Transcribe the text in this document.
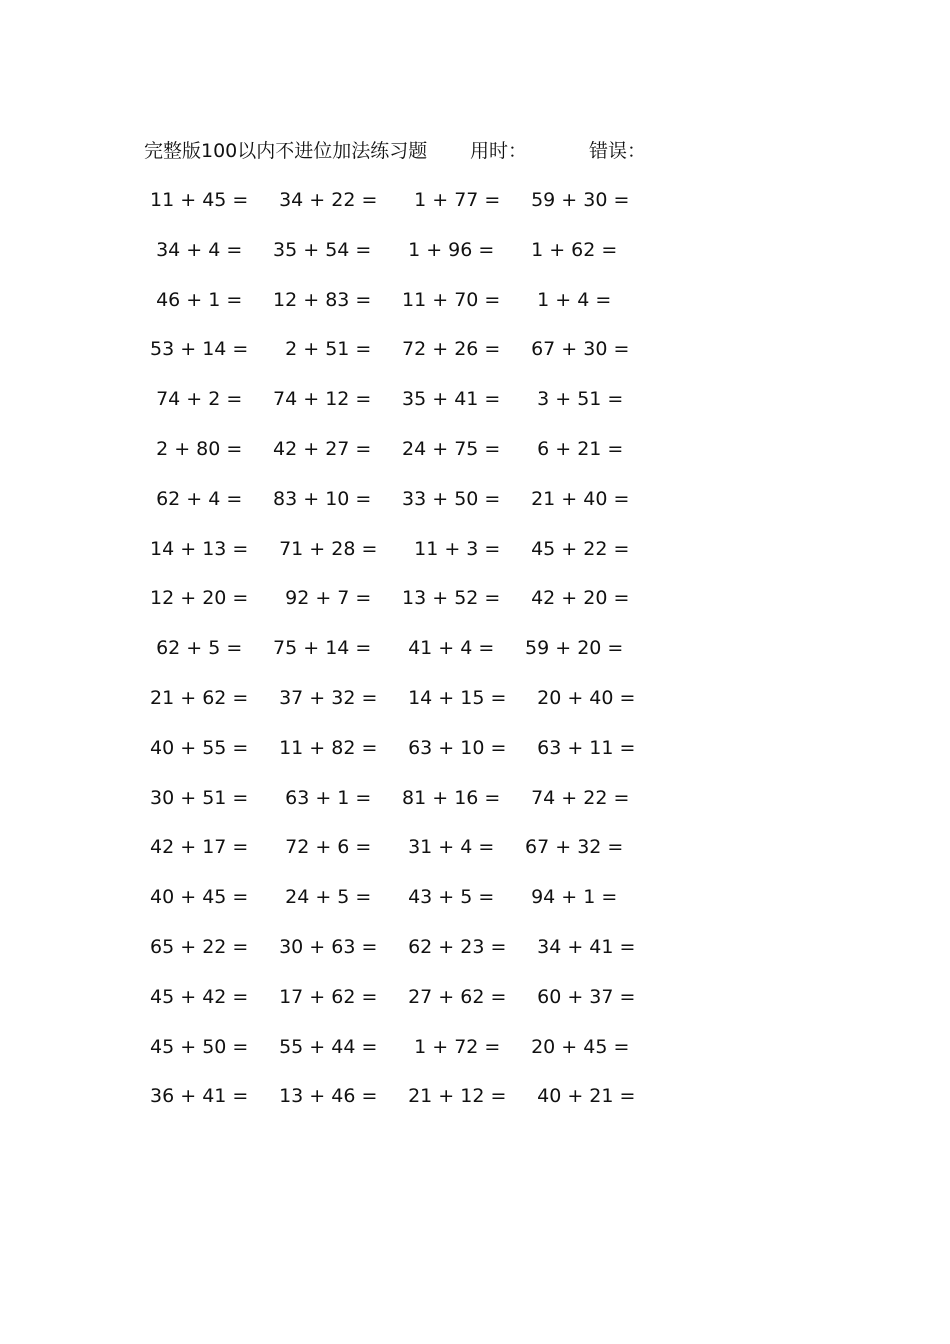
完整版100以内不进位加法练习题 用时：	错误：
11 + 45 = 34 + 22 = 1 + 77 = 59 + 30 =
34 + 4 =	35 + 54 = 1 + 96 =	1 + 62 =
46 + 1 =	12 + 83 = 11 + 70 = 1 + 4 =
53 + 14 = 2 + 51 = 72 + 26 = 67 + 30 =
74 + 2 =	74 + 12 = 35 + 41 = 3 + 51 =
2 + 80 =	42 + 27 = 24 + 75 = 6 + 21 =
62 + 4 =	83 + 10 = 33 + 50 = 21 + 40 =
14 + 13 = 71 + 28 = 11 + 3 = 45 + 22 =
12 + 20 = 92 + 7 = 13 + 52 = 42 + 20 =
62 + 5 =	75 + 14 = 41 + 4 =	59 + 20 =
21 + 62 = 37 + 32 = 14 + 15 = 20 + 40 =
40 + 55 = 11 + 82 = 63 + 10 = 63 + 11 =
30 + 51 = 63 + 1 = 81 + 16 = 74 + 22 =
42 + 17 = 72 + 6 = 31 + 4 =	67 + 32 =
40 + 45 = 24 + 5 = 43 + 5 =	94 + 1 =
65 + 22 = 30 + 63 = 62 + 23 = 34 + 41 =
45 + 42 = 17 + 62 = 27 + 62 = 60 + 37 =
45 + 50 = 55 + 44 = 1 + 72 = 20 + 45 =
36 + 41 = 13 + 46 = 21 + 12 = 40 + 21 =
